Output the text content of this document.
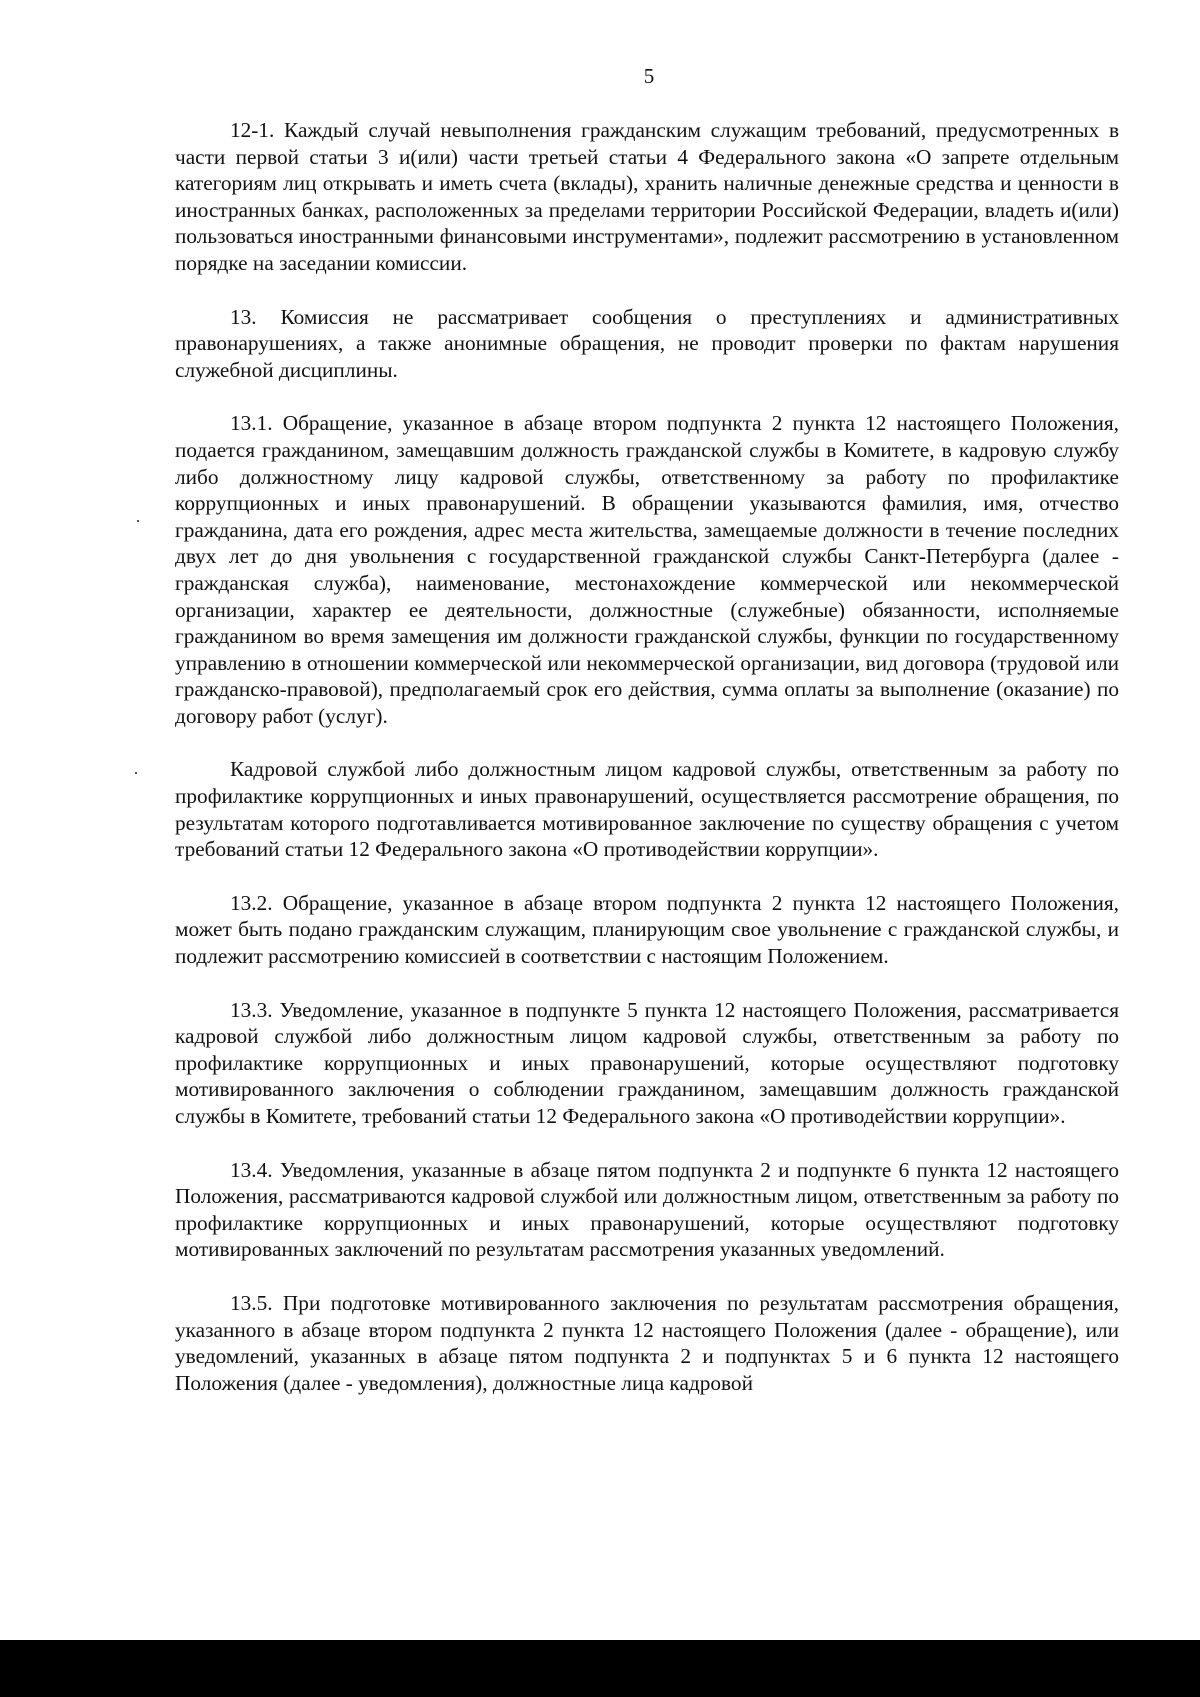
5

12-1. Каждый случай невыполнения гражданским служащим требований, предусмотренных в части первой статьи 3 и(или) части третьей статьи 4 Федерального закона «О запрете отдельным категориям лиц открывать и иметь счета (вклады), хранить наличные денежные средства и ценности в иностранных банках, расположенных за пределами территории Российской Федерации, владеть и(или) пользоваться иностранными финансовыми инструментами», подлежит рассмотрению в установленном порядке на заседании комиссии.

13. Комиссия не рассматривает сообщения о преступлениях и административных правонарушениях, а также анонимные обращения, не проводит проверки по фактам нарушения служебной дисциплины.

13.1. Обращение, указанное в абзаце втором подпункта 2 пункта 12 настоящего Положения, подается гражданином, замещавшим должность гражданской службы в Комитете, в кадровую службу либо должностному лицу кадровой службы, ответственному за работу по профилактике коррупционных и иных правонарушений. В обращении указываются фамилия, имя, отчество гражданина, дата его рождения, адрес места жительства, замещаемые должности в течение последних двух лет до дня увольнения с государственной гражданской службы Санкт-Петербурга (далее - гражданская служба), наименование, местонахождение коммерческой или некоммерческой организации, характер ее деятельности, должностные (служебные) обязанности, исполняемые гражданином во время замещения им должности гражданской службы, функции по государственному управлению в отношении коммерческой или некоммерческой организации, вид договора (трудовой или гражданско-правовой), предполагаемый срок его действия, сумма оплаты за выполнение (оказание) по договору работ (услуг).

Кадровой службой либо должностным лицом кадровой службы, ответственным за работу по профилактике коррупционных и иных правонарушений, осуществляется рассмотрение обращения, по результатам которого подготавливается мотивированное заключение по существу обращения с учетом требований статьи 12 Федерального закона «О противодействии коррупции».

13.2. Обращение, указанное в абзаце втором подпункта 2 пункта 12 настоящего Положения, может быть подано гражданским служащим, планирующим свое увольнение с гражданской службы, и подлежит рассмотрению комиссией в соответствии с настоящим Положением.

13.3. Уведомление, указанное в подпункте 5 пункта 12 настоящего Положения, рассматривается кадровой службой либо должностным лицом кадровой службы, ответственным за работу по профилактике коррупционных и иных правонарушений, которые осуществляют подготовку мотивированного заключения о соблюдении гражданином, замещавшим должность гражданской службы в Комитете, требований статьи 12 Федерального закона «О противодействии коррупции».

13.4. Уведомления, указанные в абзаце пятом подпункта 2 и подпункте 6 пункта 12 настоящего Положения, рассматриваются кадровой службой или должностным лицом, ответственным за работу по профилактике коррупционных и иных правонарушений, которые осуществляют подготовку мотивированных заключений по результатам рассмотрения указанных уведомлений.

13.5. При подготовке мотивированного заключения по результатам рассмотрения обращения, указанного в абзаце втором подпункта 2 пункта 12 настоящего Положения (далее - обращение), или уведомлений, указанных в абзаце пятом подпункта 2 и подпунктах 5 и 6 пункта 12 настоящего Положения (далее - уведомления), должностные лица кадровой
